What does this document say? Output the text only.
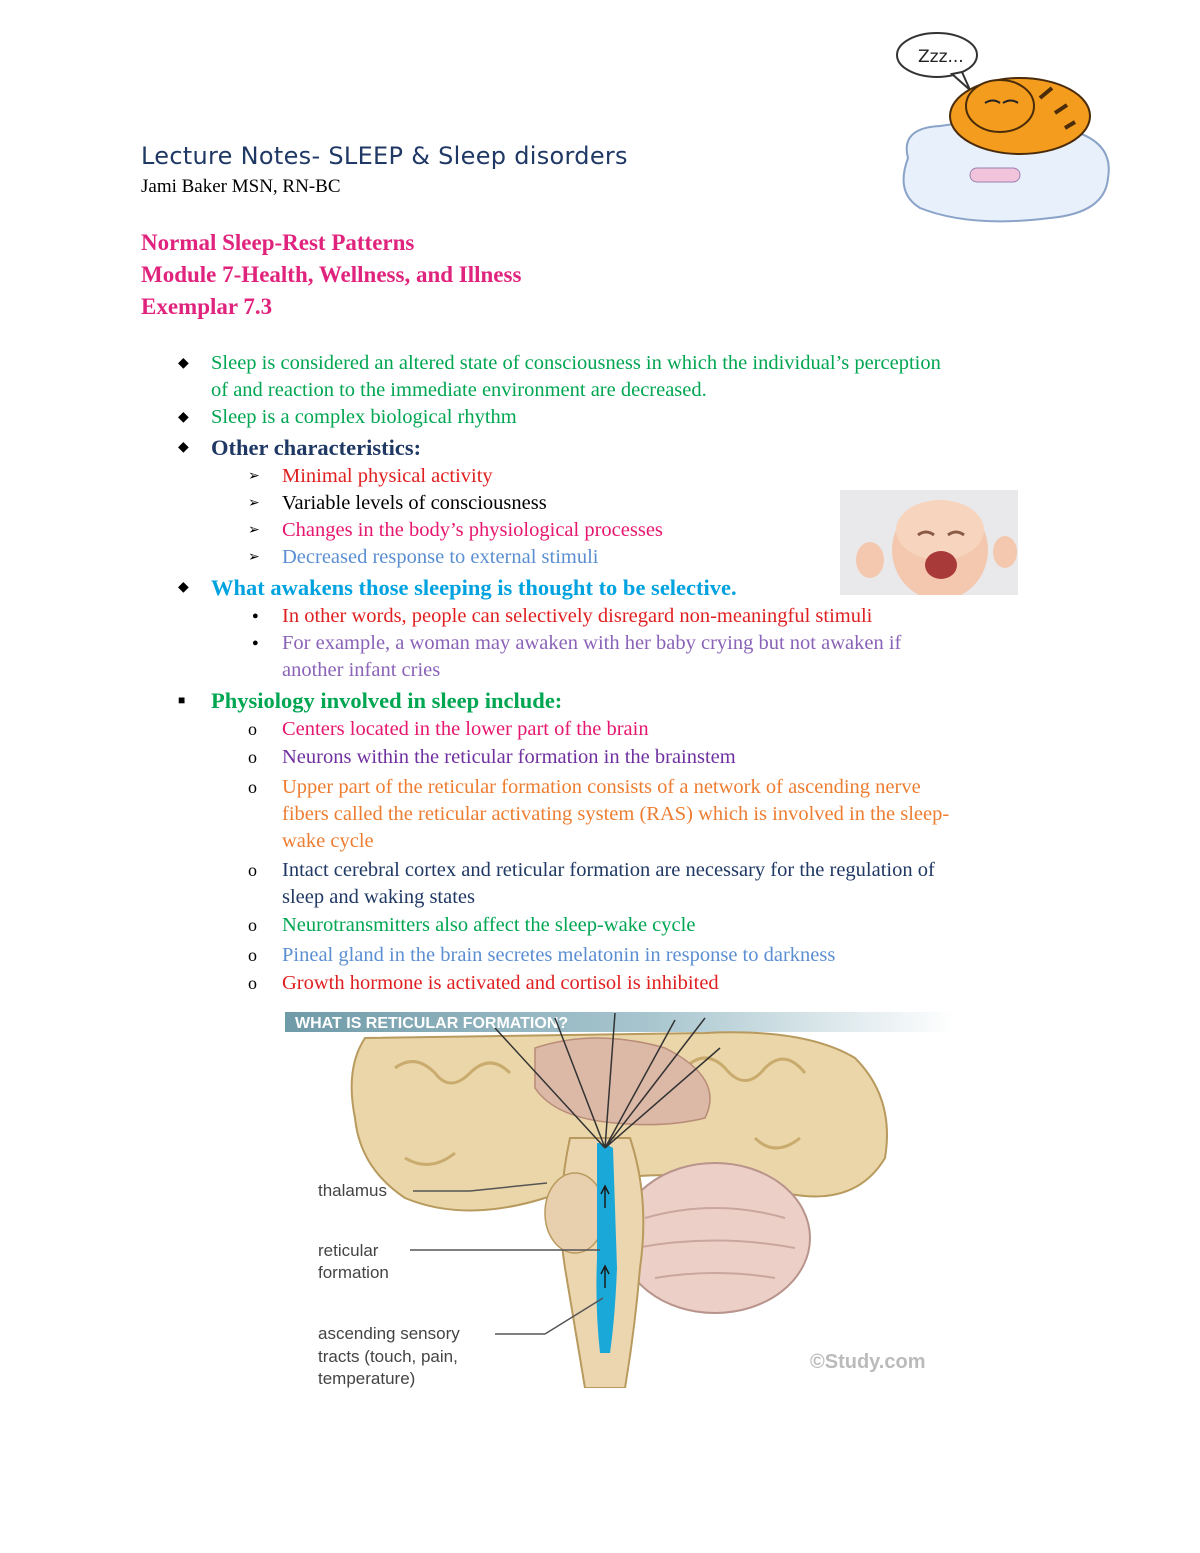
Lecture Notes- SLEEP & Sleep disorders
Jami Baker MSN, RN-BC
Zzz...
Normal Sleep-Rest Patterns
Module 7-Health, Wellness, and Illness
Exemplar 7.3
◆ Sleep is considered an altered state of consciousness in which the individual’s perception
of and reaction to the immediate environment are decreased.
◆ Sleep is a complex biological rhythm
◆ Other characteristics:
➢ Minimal physical activity
➢ Variable levels of consciousness
➢ Changes in the body’s physiological processes
➢ Decreased response to external stimuli
◆ What awakens those sleeping is thought to be selective.
● In other words, people can selectively disregard non-meaningful stimuli
● For example, a woman may awaken with her baby crying but not awaken if
another infant cries
■ Physiology involved in sleep include:
o Centers located in the lower part of the brain
o Neurons within the reticular formation in the brainstem
o Upper part of the reticular formation consists of a network of ascending nerve
fibers called the reticular activating system (RAS) which is involved in the sleep-
wake cycle
o Intact cerebral cortex and reticular formation are necessary for the regulation of
sleep and waking states
o Neurotransmitters also affect the sleep-wake cycle
o Pineal gland in the brain secretes melatonin in response to darkness
o Growth hormone is activated and cortisol is inhibited
WHAT IS RETICULAR FORMATION?
thalamus
reticular
formation
ascending sensory
tracts (touch, pain,
temperature)
©Study.com
